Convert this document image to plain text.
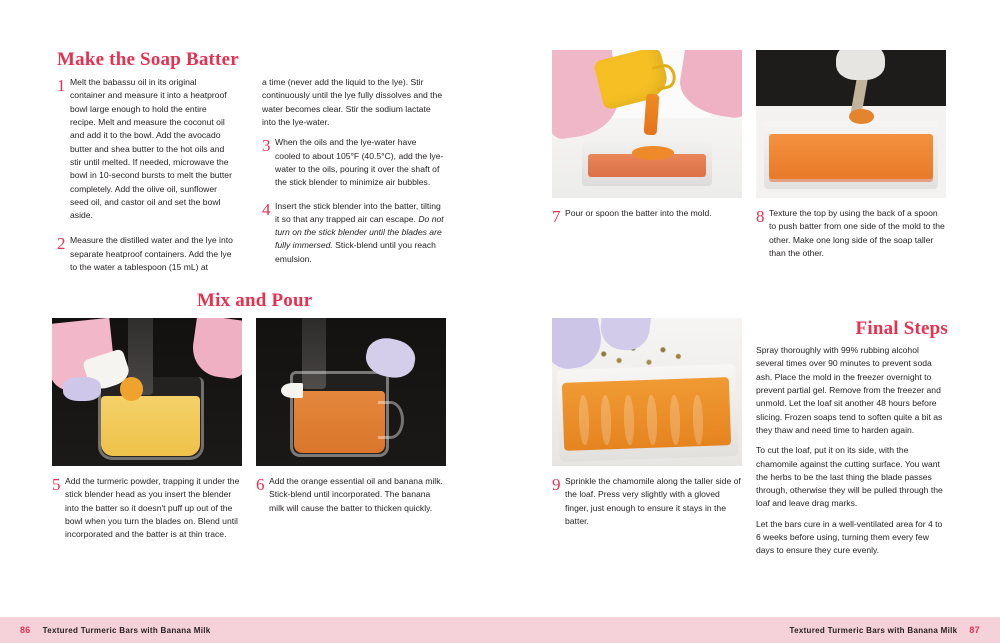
Make the Soap Batter
1 Melt the babassu oil in its original container and measure it into a heatproof bowl large enough to hold the entire recipe. Melt and measure the coconut oil and add it to the bowl. Add the avocado butter and shea butter to the hot oils and stir until melted. If needed, microwave the bowl in 10-second bursts to melt the butter completely. Add the olive oil, sunflower seed oil, and castor oil and set the bowl aside.
2 Measure the distilled water and the lye into separate heatproof containers. Add the lye to the water a tablespoon (15 mL) at

a time (never add the liquid to the lye). Stir continuously until the lye fully dissolves and the water becomes clear. Stir the sodium lactate into the lye-water.

3 When the oils and the lye-water have cooled to about 105°F (40.5°C), add the lye-water to the oils, pouring it over the shaft of the stick blender to minimize air bubbles.
4 Insert the stick blender into the batter, tilting it so that any trapped air can escape. Do not turn on the stick blender until the blades are fully immersed. Stick-blend until you reach emulsion.
Mix and Pour
5 Add the turmeric powder, trapping it under the stick blender head as you insert the blender into the batter so it doesn't puff up out of the bowl when you turn the blades on. Blend until incorporated and the batter is at thin trace.
6 Add the orange essential oil and banana milk. Stick-blend until incorporated. The banana milk will cause the batter to thicken quickly.
86 Textured Turmeric Bars with Banana Milk
7 Pour or spoon the batter into the mold.	8 Texture the top by using the back of a spoon to push batter from one side of the mold to the other. Make one long side of the soap taller than the other.
9 Sprinkle the chamomile along the taller side of the loaf. Press very slightly with a gloved finger, just enough to ensure it stays in the batter.
Final Steps

Spray thoroughly with 99% rubbing alcohol several times over 90 minutes to prevent soda ash. Place the mold in the freezer overnight to prevent partial gel. Remove from the freezer and unmold. Let the loaf sit another 48 hours before slicing. Frozen soaps tend to soften quite a bit as they thaw and need time to harden again.

To cut the loaf, put it on its side, with the chamomile against the cutting surface. You want the herbs to be the last thing the blade passes through, otherwise they will be pulled through the loaf and leave drag marks.

Let the bars cure in a well-ventilated area for 4 to 6 weeks before using, turning them every few days to ensure they cure evenly.

Textured Turmeric Bars with Banana Milk 87
